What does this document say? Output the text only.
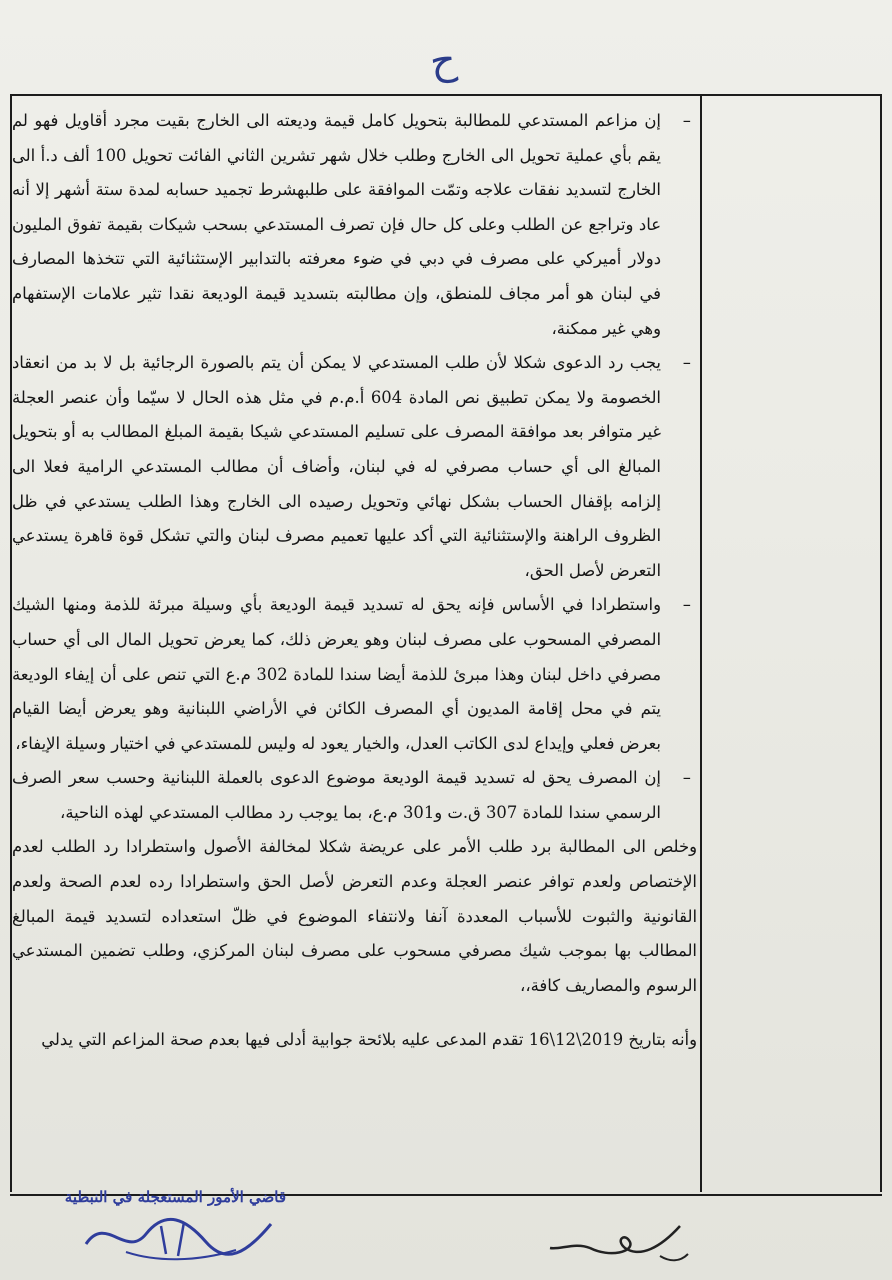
ح
–
إن مزاعم المستدعي للمطالبة بتحويل كامل قيمة وديعته الى الخارج بقيت مجرد أقاويل فهو لم يقم بأي عملية تحويل الى الخارج وطلب خلال شهر تشرين الثاني الفائت تحويل 100 ألف د.أ الى الخارج لتسديد نفقات علاجه وتمّت الموافقة على طلبهشرط تجميد حسابه لمدة ستة أشهر إلا أنه عاد وتراجع عن الطلب وعلى كل حال فإن تصرف المستدعي بسحب شيكات بقيمة تفوق المليون دولار أميركي على مصرف في دبي في ضوء معرفته بالتدابير الإستثنائية التي تتخذها المصارف في لبنان هو أمر مجاف للمنطق، وإن مطالبته بتسديد قيمة الوديعة نقدا تثير علامات الإستفهام وهي غير ممكنة،
–
يجب رد الدعوى شكلا لأن طلب المستدعي لا يمكن أن يتم بالصورة الرجائية بل لا بد من انعقاد الخصومة ولا يمكن تطبيق نص المادة 604 أ.م.م في مثل هذه الحال لا سيّما وأن عنصر العجلة غير متوافر بعد موافقة المصرف على تسليم المستدعي شيكا بقيمة المبلغ المطالب به أو بتحويل المبالغ الى أي حساب مصرفي له في لبنان، وأضاف أن مطالب المستدعي الرامية فعلا الى إلزامه بإقفال الحساب بشكل نهائي وتحويل رصيده الى الخارج وهذا الطلب يستدعي في ظل الظروف الراهنة والإستثنائية التي أكد عليها تعميم مصرف لبنان والتي تشكل قوة قاهرة يستدعي التعرض لأصل الحق،
–
واستطرادا في الأساس فإنه يحق له تسديد قيمة الوديعة بأي وسيلة مبرئة للذمة ومنها الشيك المصرفي المسحوب على مصرف لبنان وهو يعرض ذلك، كما يعرض تحويل المال الى أي حساب مصرفي داخل لبنان وهذا مبرئ للذمة أيضا سندا للمادة 302 م.ع التي تنص على أن إيفاء الوديعة يتم في محل إقامة المديون أي المصرف الكائن في الأراضي اللبنانية وهو يعرض أيضا القيام بعرض فعلي وإيداع لدى الكاتب العدل، والخيار يعود له وليس للمستدعي في اختيار وسيلة الإيفاء،
–
إن المصرف يحق له تسديد قيمة الوديعة موضوع الدعوى بالعملة اللبنانية وحسب سعر الصرف الرسمي سندا للمادة 307 ق.ت و301 م.ع، بما يوجب رد مطالب المستدعي لهذه الناحية،
وخلص الى المطالبة برد طلب الأمر على عريضة شكلا لمخالفة الأصول واستطرادا رد الطلب لعدم الإختصاص ولعدم توافر عنصر العجلة وعدم التعرض لأصل الحق واستطرادا رده لعدم الصحة ولعدم القانونية والثبوت للأسباب المعددة آنفا ولانتفاء الموضوع في ظلّ استعداده لتسديد قيمة المبالغ المطالب بها بموجب شيك مصرفي مسحوب على مصرف لبنان المركزي، وطلب تضمين المستدعي الرسوم والمصاريف كافة،،
وأنه بتاريخ 2019\12\16 تقدم المدعى عليه بلائحة جوابية أدلى فيها بعدم صحة المزاعم التي يدلي
قاضي الأمور المستعجلة في النبطية
